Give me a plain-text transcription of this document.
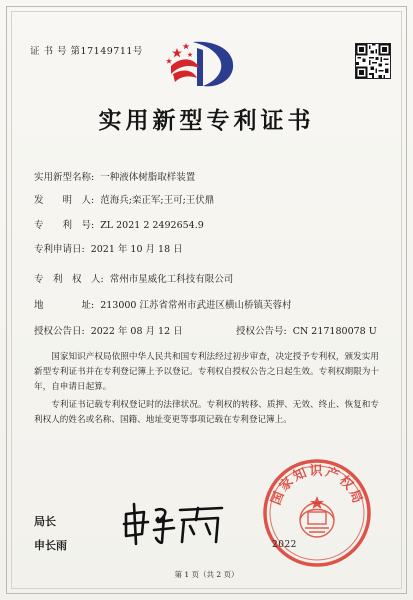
证 书 号 第17149711号
实用新型专利证书
实用新型名称: 一种液体树脂取样装置
发　　明　人: 范海兵;栾正军;王可;王伏鼎
专　　利　号: ZL 2021 2 2492654.9
专利申请日: 2021 年 10 月 18 日
专　利　权　人: 常州市星威化工科技有限公司
地　　　　址: 213000 江苏省常州市武进区横山桥镇芙蓉村
授权公告日: 2022 年 08 月 12 日	授权公告号: CN 217180078 U
国家知识产权局依照中华人民共和国专利法经过初步审查，决定授予专利权，颁发实用新型专利证书并在专利登记簿上予以登记。专利权自授权公告之日起生效。专利权期限为十年，自申请日起算。
专利证书记载专利权登记时的法律状况。专利权的转移、质押、无效、终止、恢复和专利权人的姓名或名称、国籍、地址变更等事项记载在专利登记簿上。
局长
申长雨
国家知识产权局
2022
第 1 页（共 2 页）
